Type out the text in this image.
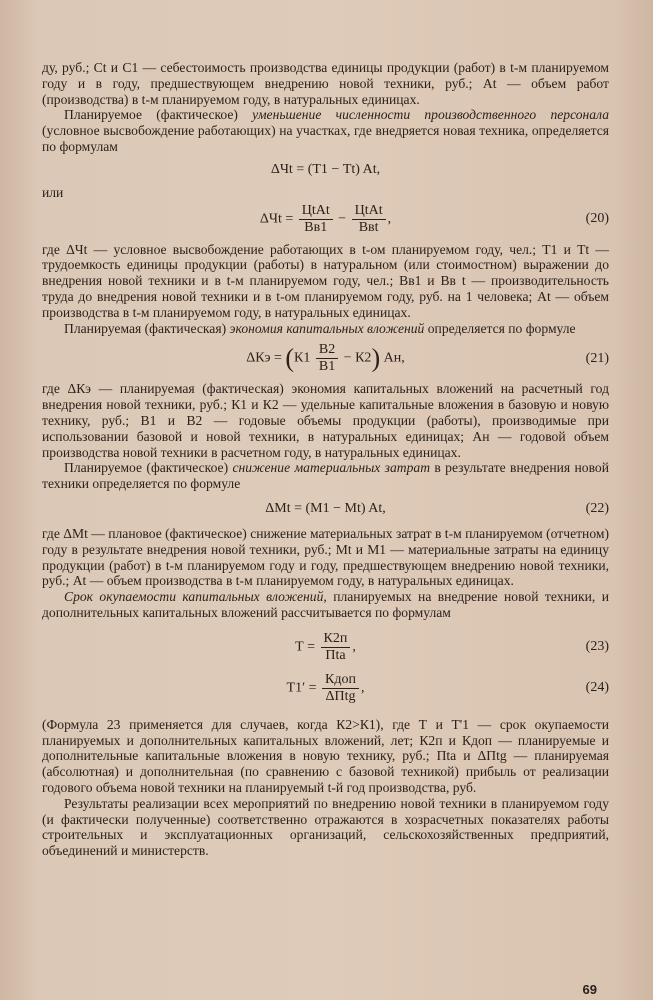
ду, руб.; Ct и C1 — себестоимость производства единицы продукции (работ) в t-м планируемом году и в году, предшествующем внедрению новой техники, руб.; At — объем работ (производства) в t-м планируемом году, в натуральных единицах.

Планируемое (фактическое) уменьшение численности производственного персонала (условное высвобождение работающих) на участках, где внедряется новая техника, определяется по формулам

ΔЧt = (Т1 − Тt) At,

или

$\Delta Чt = \frac{\text{ЦtAt}}{Вв1} - \frac{\text{ЦtAt}}{\text{Ввt}}$ ,	(20)

где ΔЧt — условное высвобождение работающих в t-ом планируемом году, чел.; Т1 и Тt — трудоемкость единицы продукции (работы) в натуральном (или стоимостном) выражении до внедрения новой техники и в t-м планируемом году, чел.; Вв1 и Вв t — производительность труда до внедрения новой техники и в t-ом планируемом году, руб. на 1 человека; At — объем производства в t-м планируемом году, в натуральных единицах.

Планируемая (фактическая) экономия капитальных вложений определяется по формуле

$\Delta Кэ = (К1 \frac{В2}{В1} - К2)$ Ан,	(21)

где ΔКэ — планируемая (фактическая) экономия капитальных вложений на расчетный год внедрения новой техники, руб.; К1 и К2 — удельные капитальные вложения в базовую и новую технику, руб.; В1 и В2 — годовые объемы продукции (работы), производимые при использовании базовой и новой техники, в натуральных единицах; Ан — годовой объем производства новой техники в расчетном году, в натуральных единицах.

Планируемое (фактическое) снижение материальных затрат в результате внедрения новой техники определяется по формуле

ΔМt = (М1 − Мt) At,	(22)

где ΔМt — плановое (фактическое) снижение материальных затрат в t-м планируемом (отчетном) году в результате внедрения новой техники, руб.; Мt и М1 — материальные затраты на единицу продукции (работ) в t-м планируемом году и году, предшествующем внедрению новой техники, руб.; At — объем производства в t-м планируемом году, в натуральных единицах.

Срок окупаемости капитальных вложений, планируемых на внедрение новой техники, и дополнительных капитальных вложений рассчитывается по формулам

$Т = \frac{К2п}{\text{Пta}}$ ,	(23)
$Т1' = \frac{\text{Кдоп}}{\text{ΔПtg}}$ ,	(24)

(Формула 23 применяется для случаев, когда К2>К1), где Т и Т'1 — срок окупаемости планируемых и дополнительных капитальных вложений, лет; К2п и Кдоп — планируемые и дополнительные капитальные вложения в новую технику, руб.; Пta и ΔПtg — планируемая (абсолютная) и дополнительная (по сравнению с базовой техникой) прибыль от реализации годового объема новой техники на планируемый t-й год производства, руб.

Результаты реализации всех мероприятий по внедрению новой техники в планируемом году (и фактически полученные) соответственно отражаются в хозрасчетных показателях работы строительных и эксплуатационных организаций, сельскохозяйственных предприятий, объединений и министерств.

69
